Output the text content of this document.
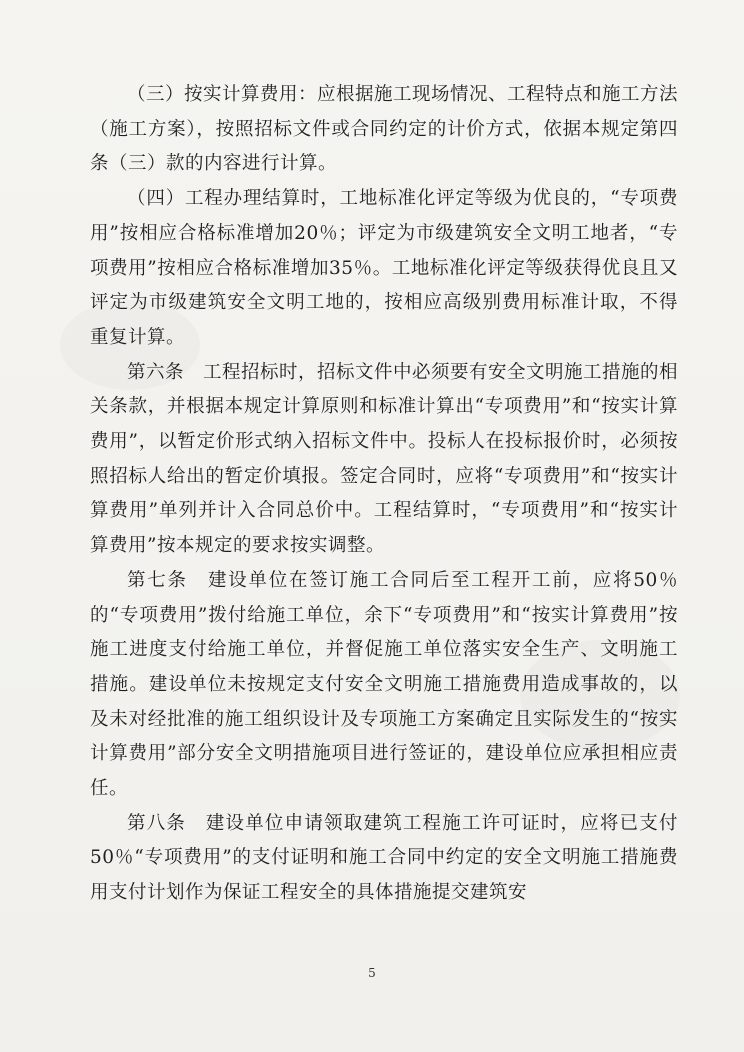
（三）按实计算费用：应根据施工现场情况、工程特点和施工方法（施工方案），按照招标文件或合同约定的计价方式，依据本规定第四条（三）款的内容进行计算。

（四）工程办理结算时，工地标准化评定等级为优良的，“专项费用”按相应合格标准增加20％；评定为市级建筑安全文明工地者，“专项费用”按相应合格标准增加35％。工地标准化评定等级获得优良且又评定为市级建筑安全文明工地的，按相应高级别费用标准计取，不得重复计算。

第六条　工程招标时，招标文件中必须要有安全文明施工措施的相关条款，并根据本规定计算原则和标准计算出“专项费用”和“按实计算费用”，以暂定价形式纳入招标文件中。投标人在投标报价时，必须按照招标人给出的暂定价填报。签定合同时，应将“专项费用”和“按实计算费用”单列并计入合同总价中。工程结算时，“专项费用”和“按实计算费用”按本规定的要求按实调整。

第七条　建设单位在签订施工合同后至工程开工前，应将50％的“专项费用”拨付给施工单位，余下“专项费用”和“按实计算费用”按施工进度支付给施工单位，并督促施工单位落实安全生产、文明施工措施。建设单位未按规定支付安全文明施工措施费用造成事故的，以及未对经批准的施工组织设计及专项施工方案确定且实际发生的“按实计算费用”部分安全文明措施项目进行签证的，建设单位应承担相应责任。

第八条　建设单位申请领取建筑工程施工许可证时，应将已支付50％“专项费用”的支付证明和施工合同中约定的安全文明施工措施费用支付计划作为保证工程安全的具体措施提交建筑安

5
